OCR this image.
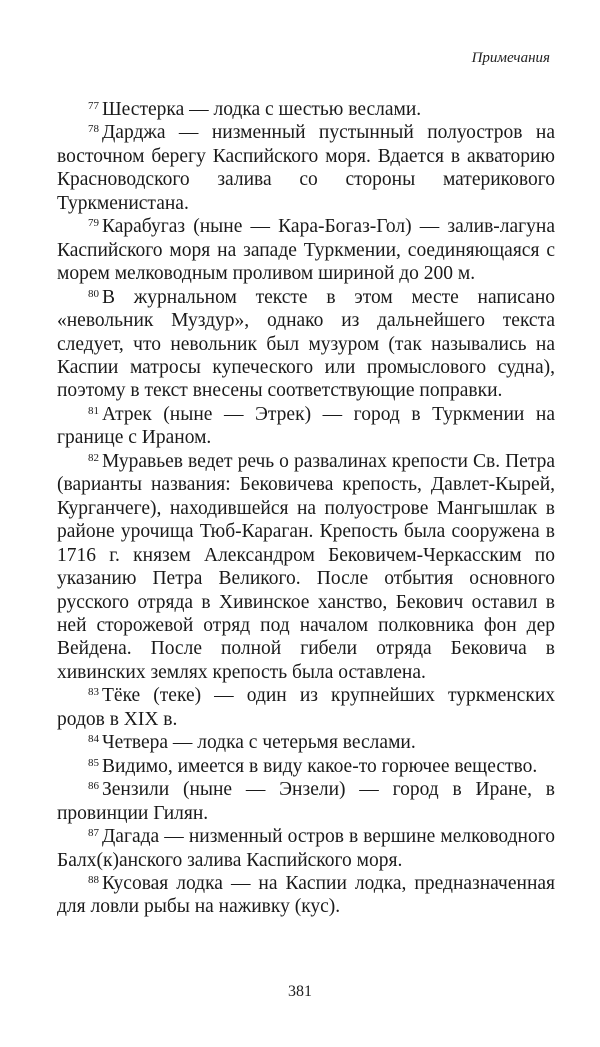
Примечания

$^{77}$ Шестерка — лодка с шестью веслами.

$^{78}$ Дарджа — низменный пустынный полуостров на восточном берегу Каспийского моря. Вдается в акваторию Красноводского залива со стороны материкового Туркменистана.

$^{79}$ Карабугаз (ныне — Кара-Богаз-Гол) — залив-лагуна Каспийского моря на западе Туркмении, соединяющаяся с морем мелководным проливом шириной до 200 м.

$^{80}$ В журнальном тексте в этом месте написано «невольник Муздур», однако из дальнейшего текста следует, что невольник был музуром (так назывались на Каспии матросы купеческого или промыслового судна), поэтому в текст внесены соответствующие поправки.

$^{81}$ Атрек (ныне — Этрек) — город в Туркмении на границе с Ираном.

$^{82}$ Муравьев ведет речь о развалинах крепости Св. Петра (варианты названия: Бековичева крепость, Давлет-Кырей, Курганчеге), находившейся на полуострове Мангышлак в районе урочища Тюб-Караган. Крепость была сооружена в 1716 г. князем Александром Бековичем-Черкасским по указанию Петра Великого. После отбытия основного русского отряда в Хивинское ханство, Бекович оставил в ней сторожевой отряд под началом полковника фон дер Вейдена. После полной гибели отряда Бековича в хивинских землях крепость была оставлена.

$^{83}$ Тёке (теке) — один из крупнейших туркменских родов в XIX в.

$^{84}$ Четвера — лодка с четерьмя веслами.

$^{85}$ Видимо, имеется в виду какое-то горючее вещество.

$^{86}$ Зензили (ныне — Энзели) — город в Иране, в провинции Гилян.

$^{87}$ Дагада — низменный остров в вершине мелководного Балх(к)анского залива Каспийского моря.

$^{88}$ Кусовая лодка — на Каспии лодка, предназначенная для ловли рыбы на наживку (кус).

381
